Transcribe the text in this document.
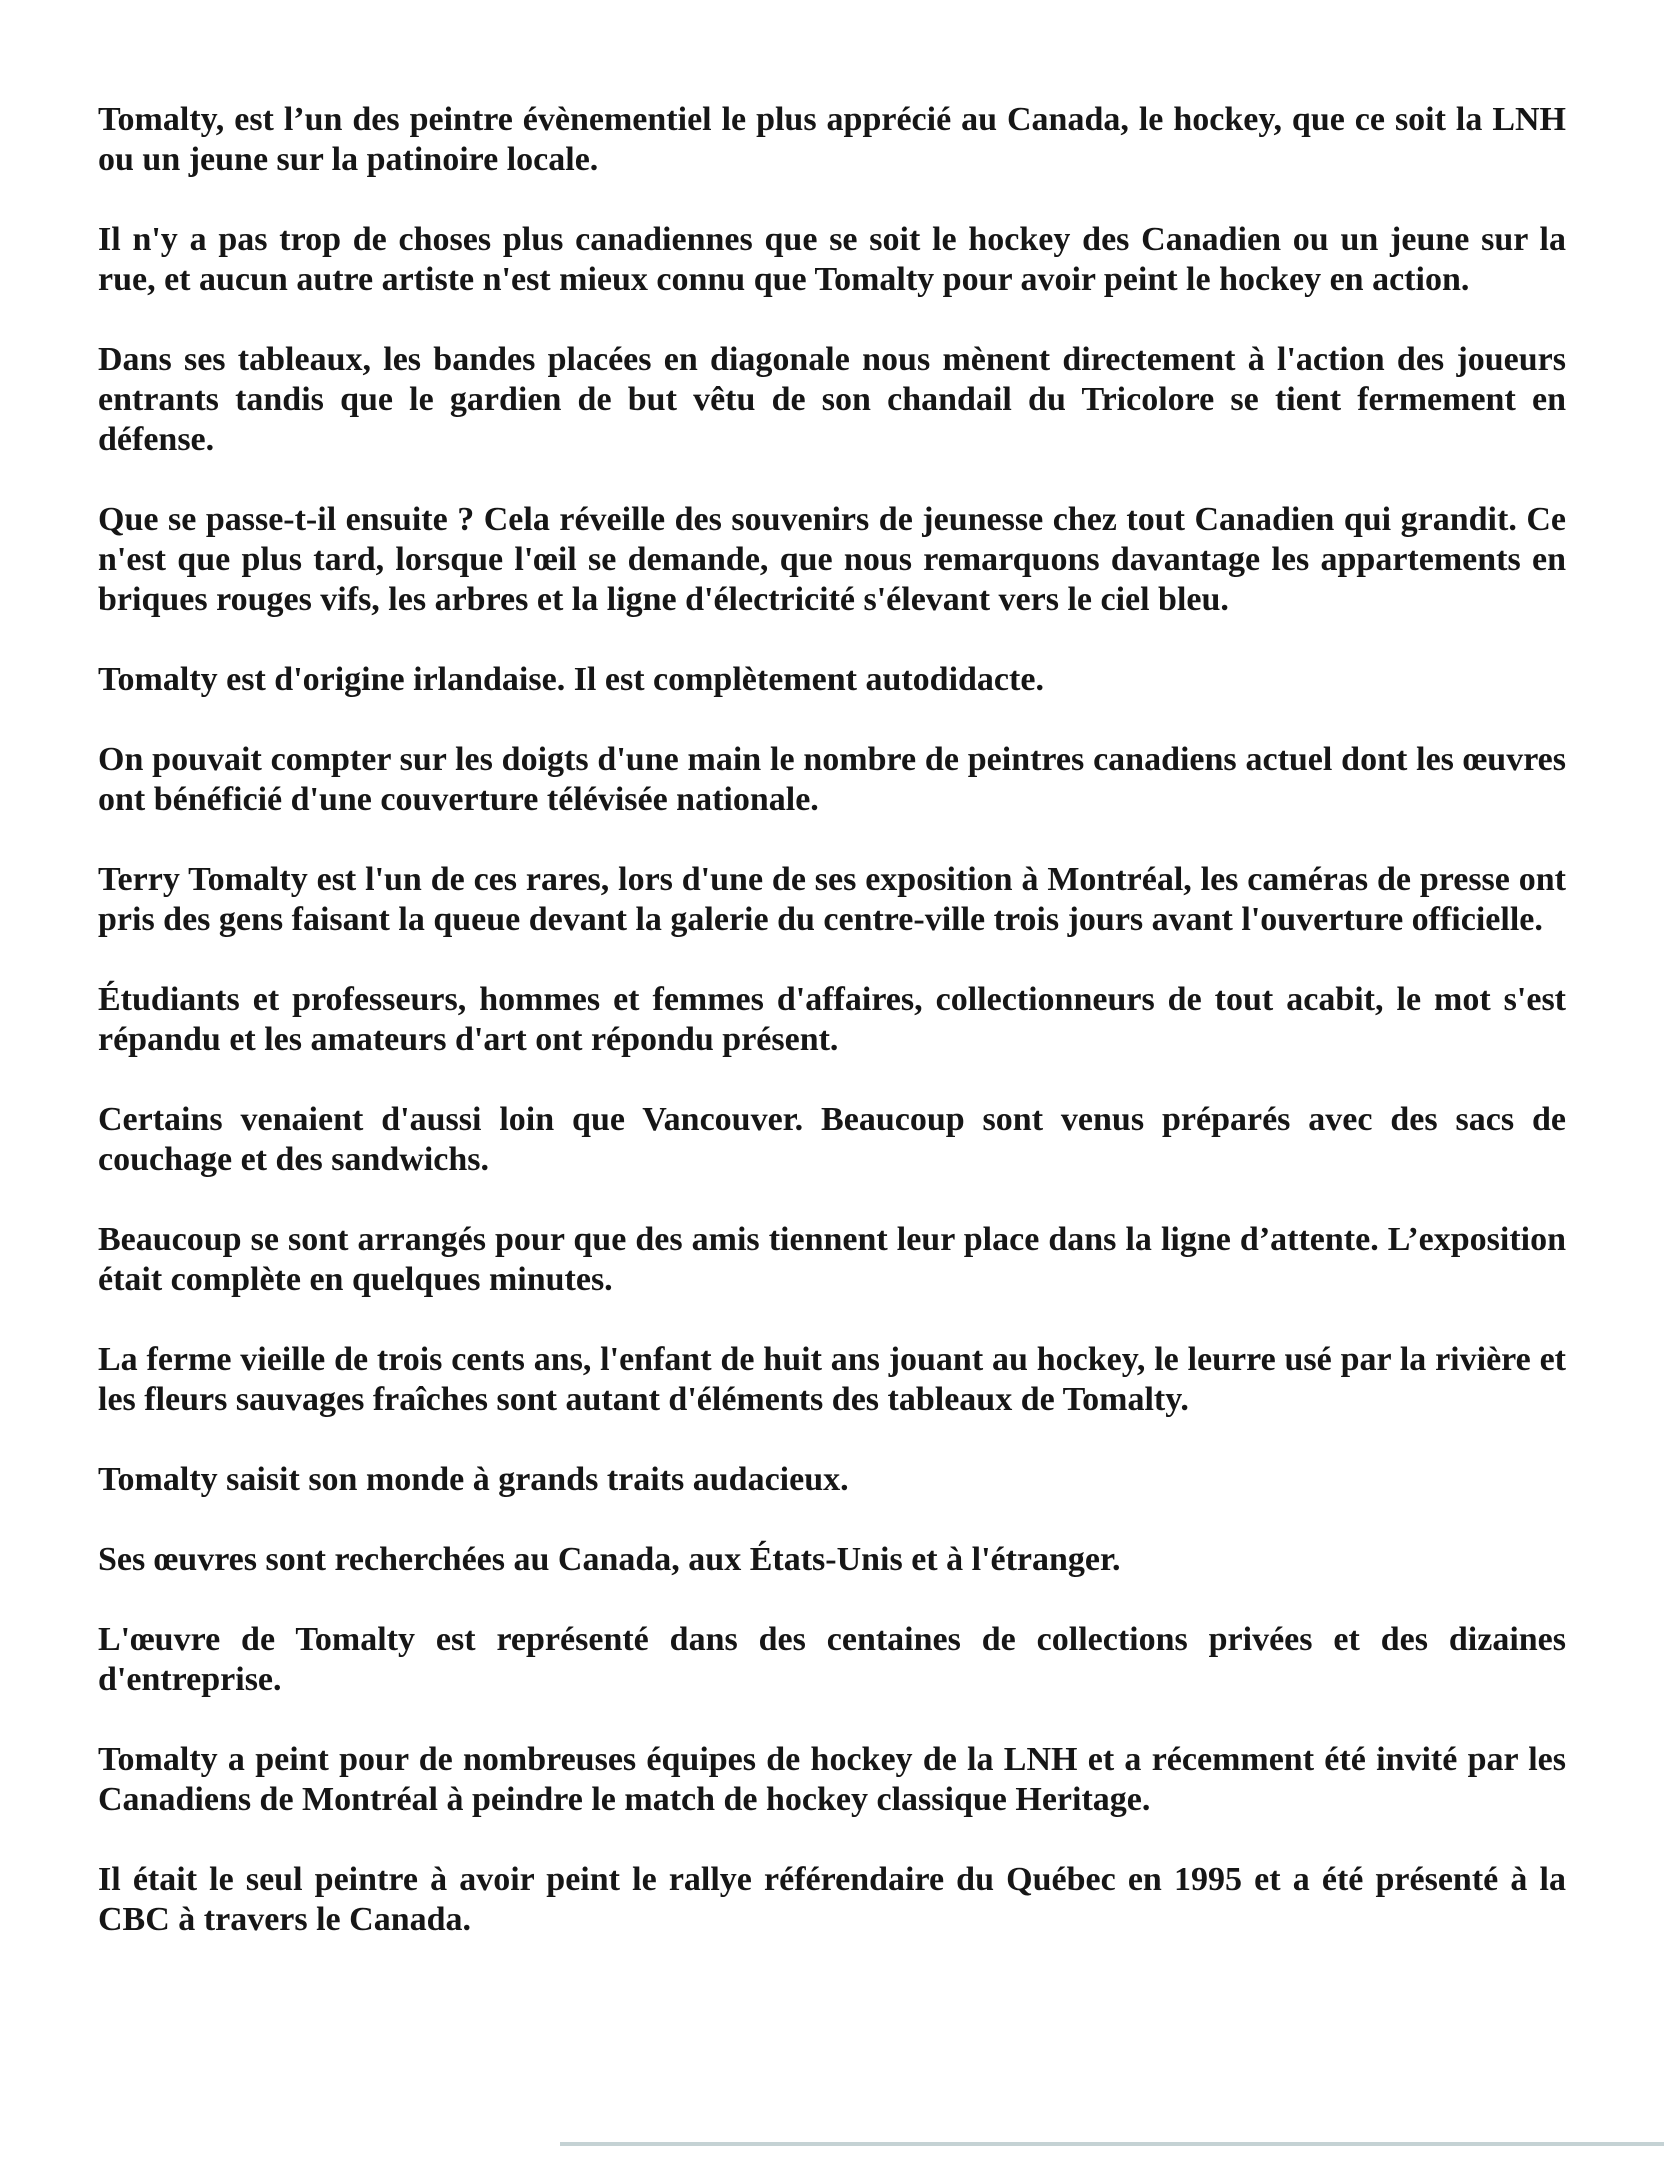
Tomalty, est l’un des peintre évènementiel le plus apprécié au Canada, le hockey, que ce soit la LNH ou un jeune sur la patinoire locale.

Il n'y a pas trop de choses plus canadiennes que se soit le hockey des Canadien ou un jeune sur la rue, et aucun autre artiste n'est mieux connu que Tomalty pour avoir peint le hockey en action.

Dans ses tableaux, les bandes placées en diagonale nous mènent directement à l'action des joueurs entrants tandis que le gardien de but vêtu de son chandail du Tricolore se tient fermement en défense.

Que se passe-t-il ensuite ? Cela réveille des souvenirs de jeunesse chez tout Canadien qui grandit. Ce n'est que plus tard, lorsque l'œil se demande, que nous remarquons davantage les appartements en briques rouges vifs, les arbres et la ligne d'électricité s'élevant vers le ciel bleu.

Tomalty est d'origine irlandaise. Il est complètement autodidacte.

On pouvait compter sur les doigts d'une main le nombre de peintres canadiens actuel dont les œuvres ont bénéficié d'une couverture télévisée nationale.

Terry Tomalty est l'un de ces rares, lors d'une de ses exposition à Montréal, les caméras de presse ont pris des gens faisant la queue devant la galerie du centre-ville trois jours avant l'ouverture officielle.

Étudiants et professeurs, hommes et femmes d'affaires, collectionneurs de tout acabit, le mot s'est répandu et les amateurs d'art ont répondu présent.

Certains venaient d'aussi loin que Vancouver. Beaucoup sont venus préparés avec des sacs de couchage et des sandwichs.

Beaucoup se sont arrangés pour que des amis tiennent leur place dans la ligne d’attente. L’exposition était complète en quelques minutes.

La ferme vieille de trois cents ans, l'enfant de huit ans jouant au hockey, le leurre usé par la rivière et les fleurs sauvages fraîches sont autant d'éléments des tableaux de Tomalty.

Tomalty saisit son monde à grands traits audacieux.

Ses œuvres sont recherchées au Canada, aux États-Unis et à l'étranger.

L'œuvre de Tomalty est représenté dans des centaines de collections privées et des dizaines d'entreprise.

Tomalty a peint pour de nombreuses équipes de hockey de la LNH et a récemment été invité par les Canadiens de Montréal à peindre le match de hockey classique Heritage.

Il était le seul peintre à avoir peint le rallye référendaire du Québec en 1995 et a été présenté à la CBC à travers le Canada.
